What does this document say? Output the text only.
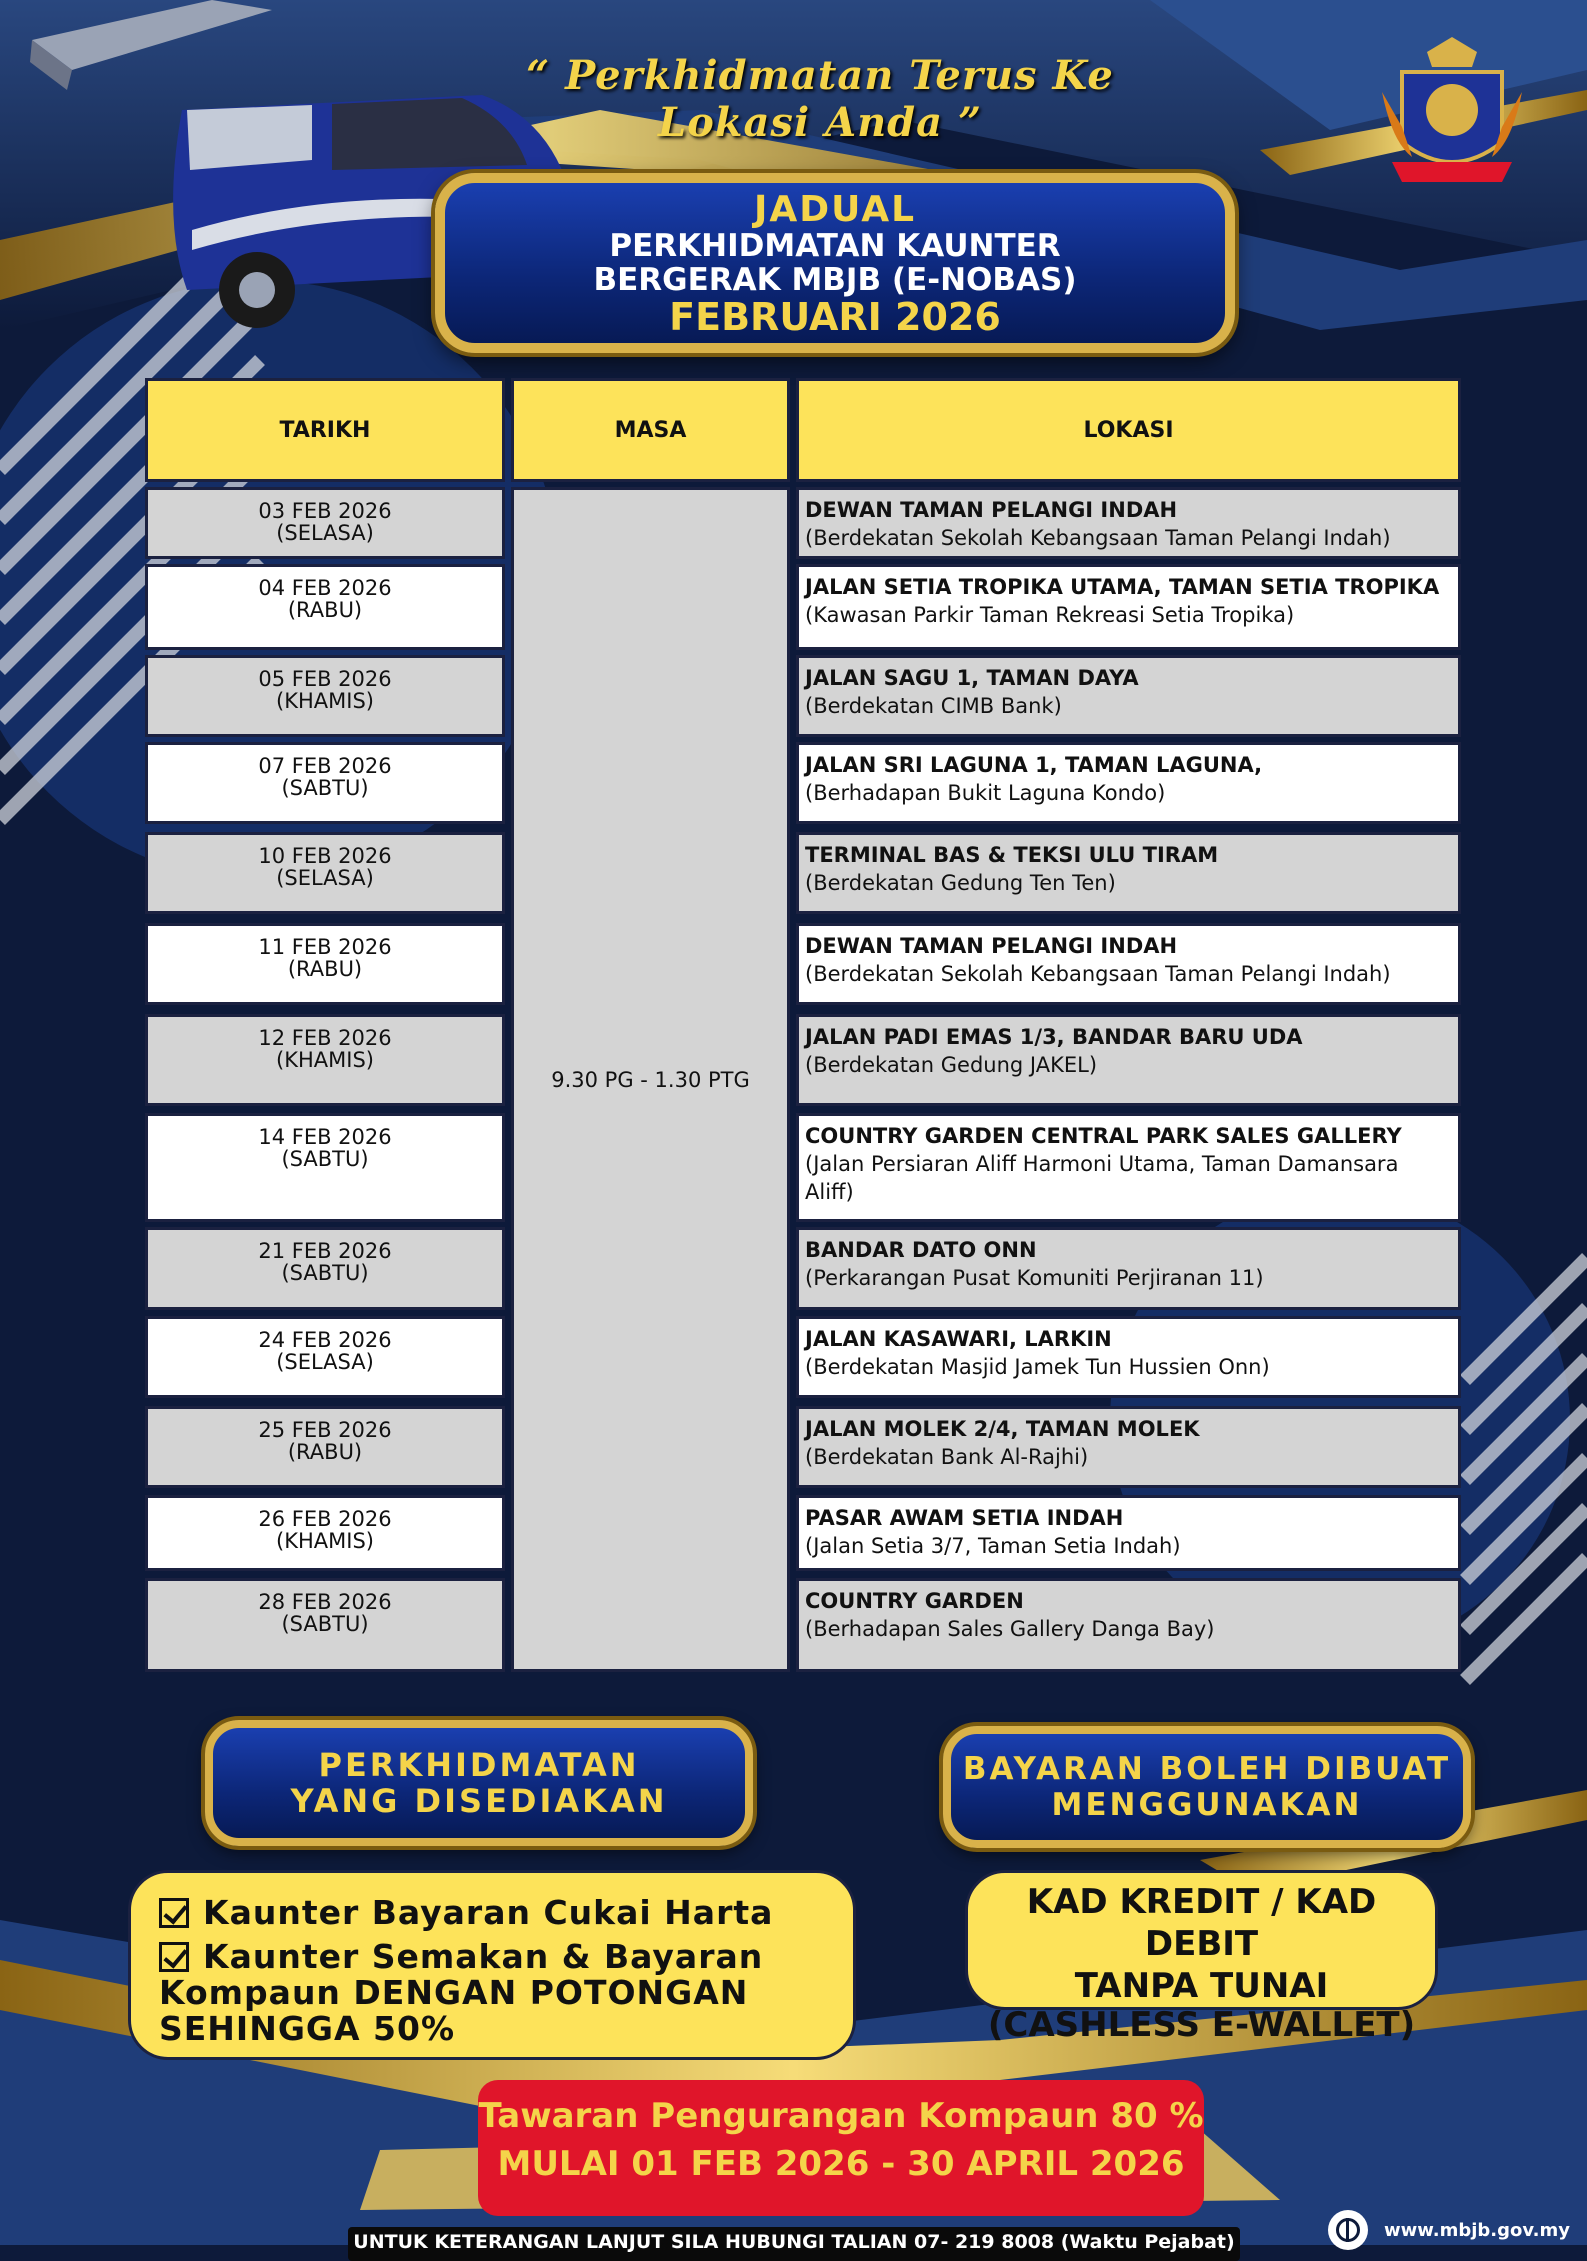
“ Perkhidmatan Terus Ke Lokasi Anda ”
JADUAL
PERKHIDMATAN KAUNTER
BERGERAK MBJB (E-NOBAS)
FEBRUARI 2026
TARIKH	MASA	LOKASI
9.30 PG - 1.30 PTG
03 FEB 2026
(SELASA)
DEWAN TAMAN PELANGI INDAH
(Berdekatan Sekolah Kebangsaan Taman Pelangi Indah)
04 FEB 2026
(RABU)
JALAN SETIA TROPIKA UTAMA, TAMAN SETIA TROPIKA
(Kawasan Parkir Taman Rekreasi Setia Tropika)
05 FEB 2026
(KHAMIS)
JALAN SAGU 1, TAMAN DAYA
(Berdekatan CIMB Bank)
07 FEB 2026
(SABTU)
JALAN SRI LAGUNA 1, TAMAN LAGUNA,
(Berhadapan Bukit Laguna Kondo)
10 FEB 2026
(SELASA)
TERMINAL BAS & TEKSI ULU TIRAM
(Berdekatan Gedung Ten Ten)
11 FEB 2026
(RABU)
DEWAN TAMAN PELANGI INDAH
(Berdekatan Sekolah Kebangsaan Taman Pelangi Indah)
12 FEB 2026
(KHAMIS)
JALAN PADI EMAS 1/3, BANDAR BARU UDA
(Berdekatan Gedung JAKEL)
14 FEB 2026
(SABTU)
COUNTRY GARDEN CENTRAL PARK SALES GALLERY
(Jalan Persiaran Aliff Harmoni Utama, Taman Damansara Aliff)
21 FEB 2026
(SABTU)
BANDAR DATO ONN
(Perkarangan Pusat Komuniti Perjiranan 11)
24 FEB 2026
(SELASA)
JALAN KASAWARI, LARKIN
(Berdekatan Masjid Jamek Tun Hussien Onn)
25 FEB 2026
(RABU)
JALAN MOLEK 2/4, TAMAN MOLEK
(Berdekatan Bank Al-Rajhi)
26 FEB 2026
(KHAMIS)
PASAR AWAM SETIA INDAH
(Jalan Setia 3/7, Taman Setia Indah)
28 FEB 2026
(SABTU)
COUNTRY GARDEN
(Berhadapan Sales Gallery Danga Bay)
PERKHIDMATAN
YANG DISEDIAKAN
BAYARAN BOLEH DIBUAT
MENGGUNAKAN
Kaunter Bayaran Cukai Harta
Kaunter Semakan & Bayaran
Kompaun DENGAN POTONGAN
SEHINGGA 50%
KAD KREDIT / KAD DEBIT
TANPA TUNAI
(CASHLESS E-WALLET)
Tawaran Pengurangan Kompaun 80 %
MULAI 01 FEB 2026 - 30 APRIL 2026
UNTUK KETERANGAN LANJUT SILA HUBUNGI TALIAN 07- 219 8008 (Waktu Pejabat)
www.mbjb.gov.my
